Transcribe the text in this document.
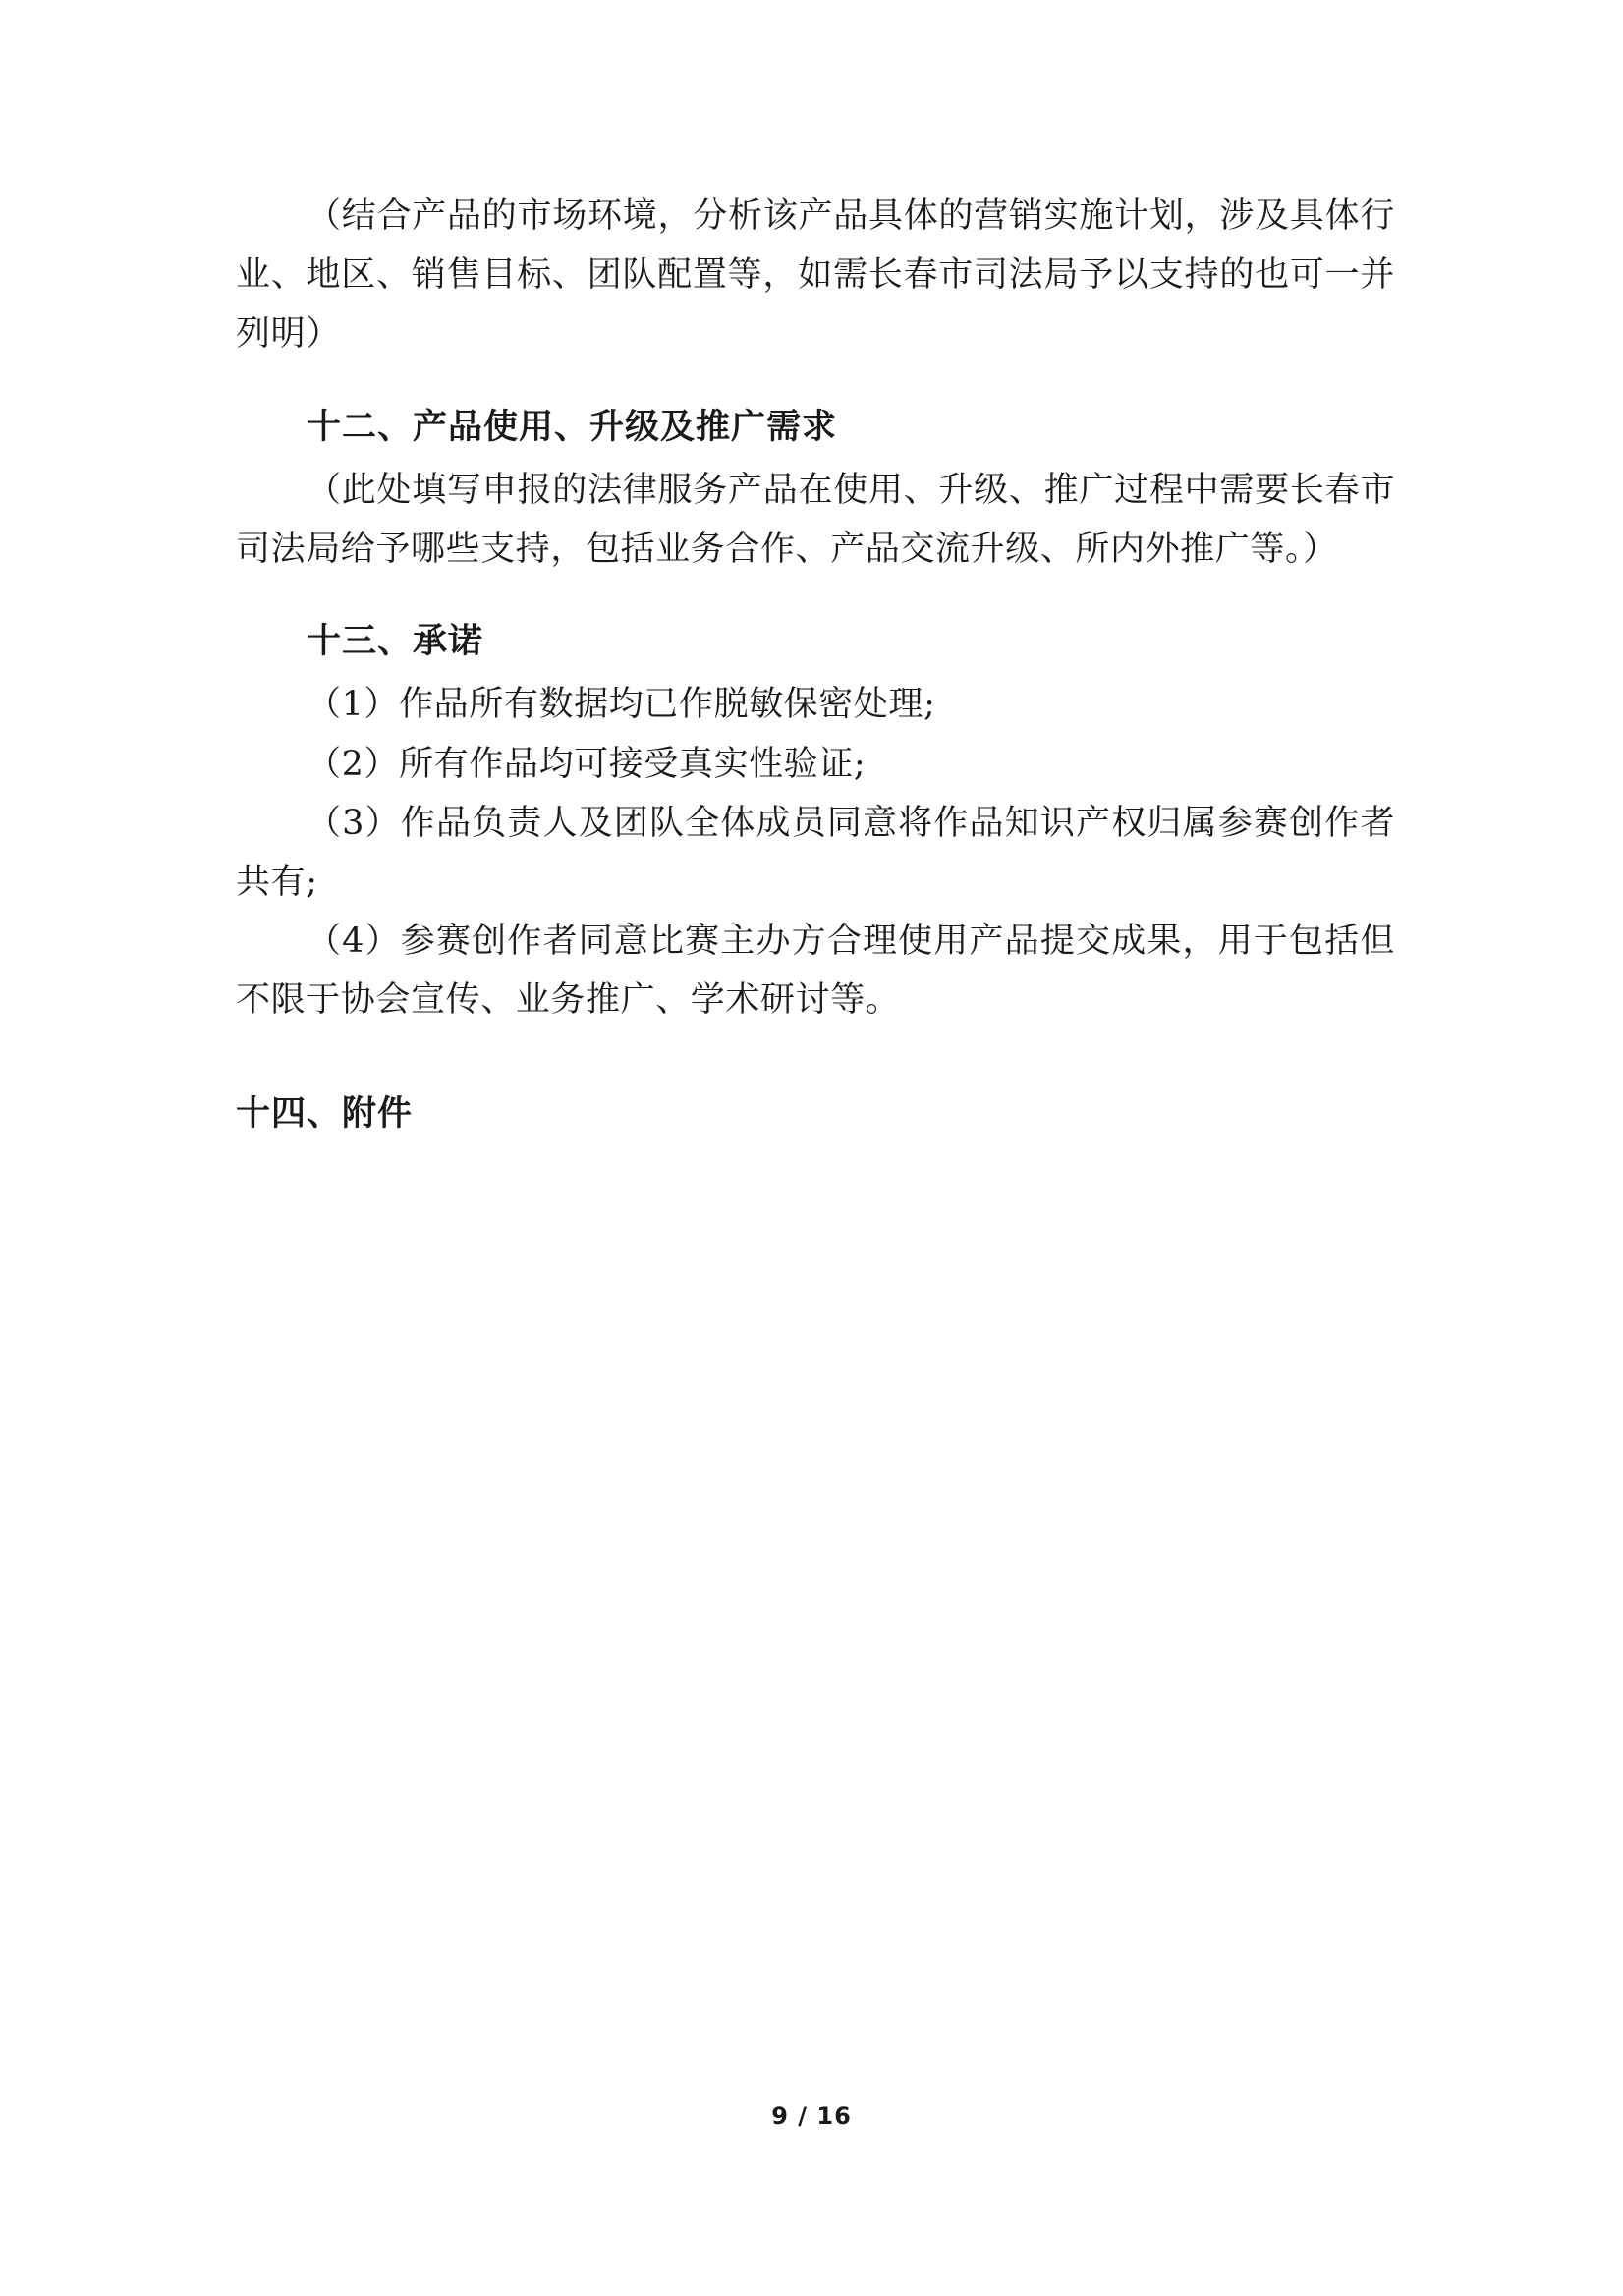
（结合产品的市场环境，分析该产品具体的营销实施计划，涉及具体行业、地区、销售目标、团队配置等，如需长春市司法局予以支持的也可一并列明）

十二、产品使用、升级及推广需求

（此处填写申报的法律服务产品在使用、升级、推广过程中需要长春市司法局给予哪些支持，包括业务合作、产品交流升级、所内外推广等。）

十三、承诺

（1）作品所有数据均已作脱敏保密处理;

（2）所有作品均可接受真实性验证;

（3）作品负责人及团队全体成员同意将作品知识产权归属参赛创作者共有;

（4）参赛创作者同意比赛主办方合理使用产品提交成果，用于包括但不限于协会宣传、业务推广、学术研讨等。

十四、附件
9 / 16
